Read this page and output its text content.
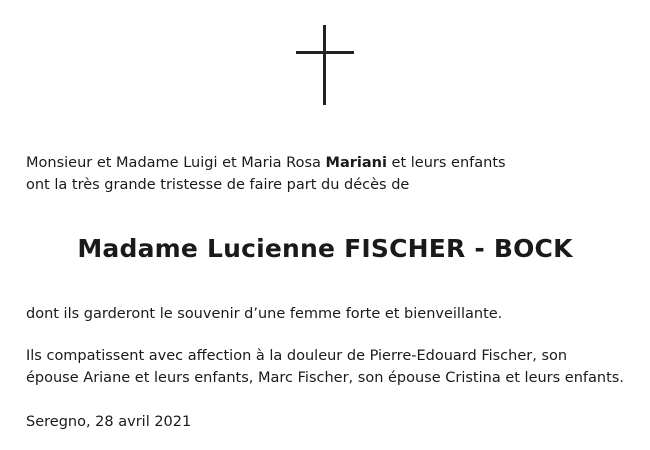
Monsieur et Madame Luigi et Maria Rosa Mariani et leurs enfants
ont la très grande tristesse de faire part du décès de
Madame Lucienne FISCHER - BOCK
dont ils garderont le souvenir d’une femme forte et bienveillante.
Ils compatissent avec affection à la douleur de Pierre-Edouard Fischer, son épouse Ariane et leurs enfants, Marc Fischer, son épouse Cristina et leurs enfants.
Seregno, 28 avril 2021
